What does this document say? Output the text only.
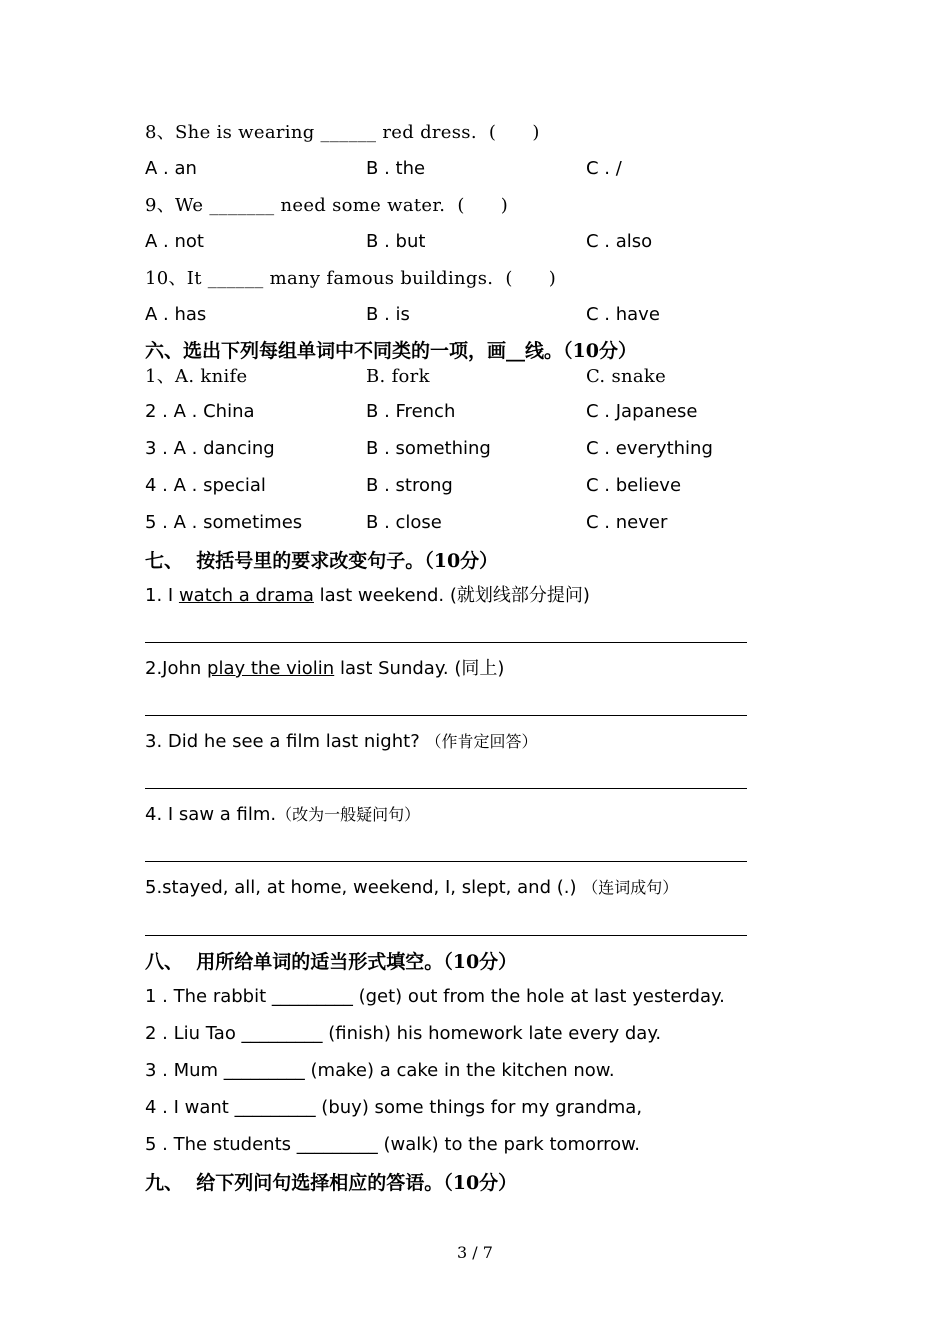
8、She is wearing ______ red dress.  (      )
A . an	B . the	C . /
9、We _______ need some water.  (      )
A . not	B . but	C . also
10、It ______ many famous buildings.  (      )
A . has	B . is	C . have
六、选出下列每组单词中不同类的一项，画__线。（10分）
1、A. knife	B. fork	C. snake
2 . A . China	B . French	C . Japanese
3 . A . dancing	B . something	C . everything
4 . A . special	B . strong	C . believe
5 . A . sometimes	B . close	C . never
七、  按括号里的要求改变句子。（10分）
1. I watch a drama last weekend. (就划线部分提问)
2.John play the violin last Sunday. (同上)
3. Did he see a film last night? （作肯定回答）
4. I saw a film.（改为一般疑问句）
5.stayed, all, at home, weekend, I, slept, and (.) （连词成句）
八、  用所给单词的适当形式填空。（10分）
1 . The rabbit _________ (get) out from the hole at last yesterday.
2 . Liu Tao _________ (finish) his homework late every day.
3 . Mum _________ (make) a cake in the kitchen now.
4 . I want _________ (buy) some things for my grandma,
5 . The students _________ (walk) to the park tomorrow.
九、  给下列问句选择相应的答语。（10分）
3 / 7
